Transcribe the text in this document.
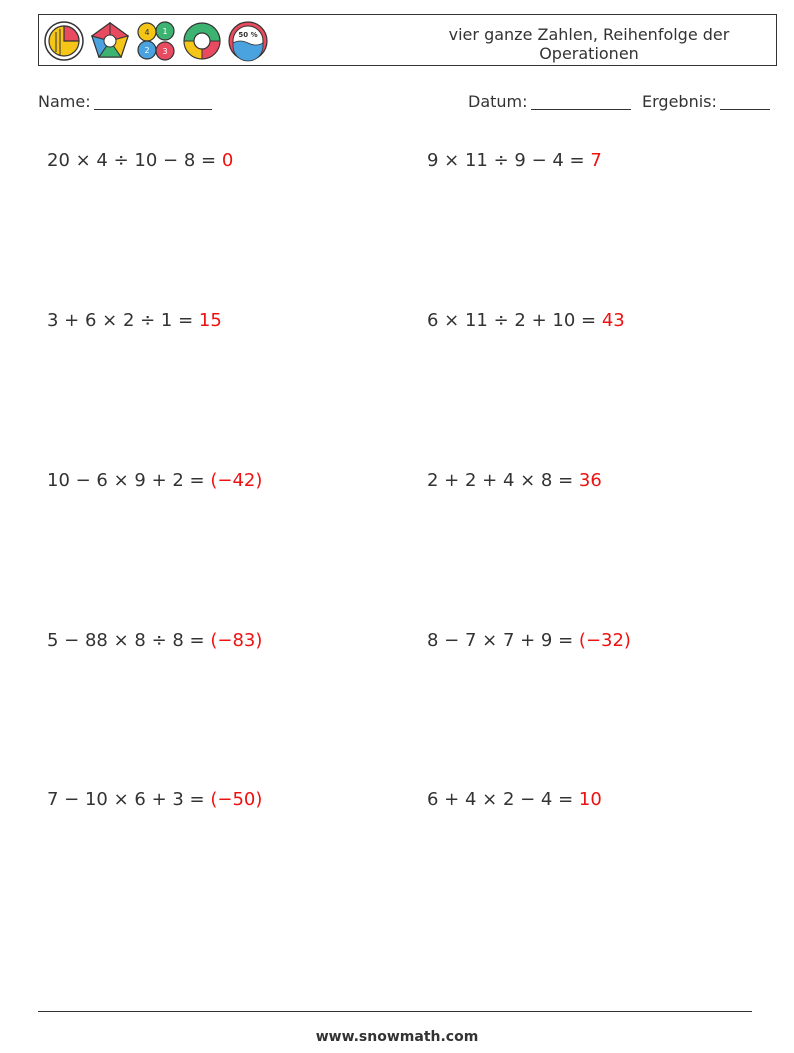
4 1
2 3
50 %	vier ganze Zahlen, Reihenfolge der Operationen
Name:	Datum:	Ergebnis:
20 × 4 ÷ 10 − 8 = 0	9 × 11 ÷ 9 − 4 = 7
3 + 6 × 2 ÷ 1 = 15	6 × 11 ÷ 2 + 10 = 43
10 − 6 × 9 + 2 = (−42)	2 + 2 + 4 × 8 = 36
5 − 88 × 8 ÷ 8 = (−83)	8 − 7 × 7 + 9 = (−32)
7 − 10 × 6 + 3 = (−50)	6 + 4 × 2 − 4 = 10
www.snowmath.com
